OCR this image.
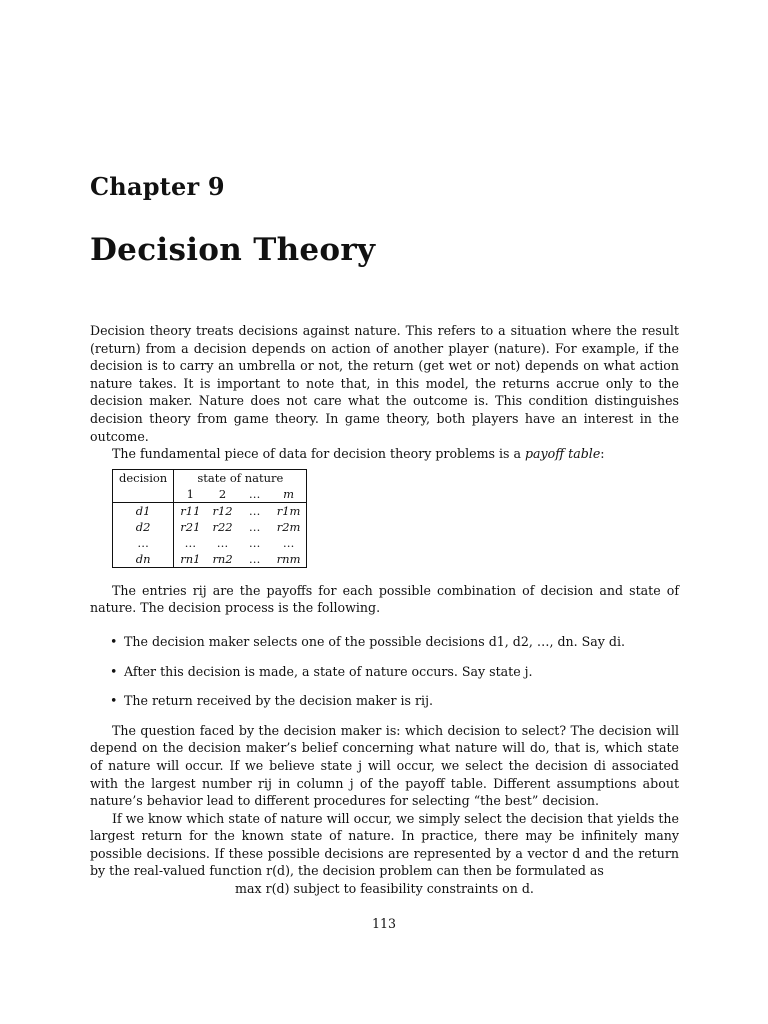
Chapter 9
Decision Theory

Decision theory treats decisions against nature. This refers to a situation where the result (return) from a decision depends on action of another player (nature). For example, if the decision is to carry an umbrella or not, the return (get wet or not) depends on what action nature takes. It is important to note that, in this model, the returns accrue only to the decision maker. Nature does not care what the outcome is. This condition distinguishes decision theory from game theory. In game theory, both players have an interest in the outcome.

The fundamental piece of data for decision theory problems is a payoff table:

decision	state of nature			
	1	2	…	m
d1	r11	r12	…	r1m
d2	r21	r22	…	r2m
…	…	…	…	…
dn	rn1	rn2	…	rnm

The entries rij are the payoffs for each possible combination of decision and state of nature. The decision process is the following.

• The decision maker selects one of the possible decisions d1, d2, …, dn. Say di.
• After this decision is made, a state of nature occurs. Say state j.
• The return received by the decision maker is rij.

The question faced by the decision maker is: which decision to select? The decision will depend on the decision maker’s belief concerning what nature will do, that is, which state of nature will occur. If we believe state j will occur, we select the decision di associated with the largest number rij in column j of the payoff table. Different assumptions about nature’s behavior lead to different procedures for selecting “the best” decision.

If we know which state of nature will occur, we simply select the decision that yields the largest return for the known state of nature. In practice, there may be infinitely many possible decisions. If these possible decisions are represented by a vector d and the return by the real-valued function r(d), the decision problem can then be formulated as

max r(d) subject to feasibility constraints on d.

113
